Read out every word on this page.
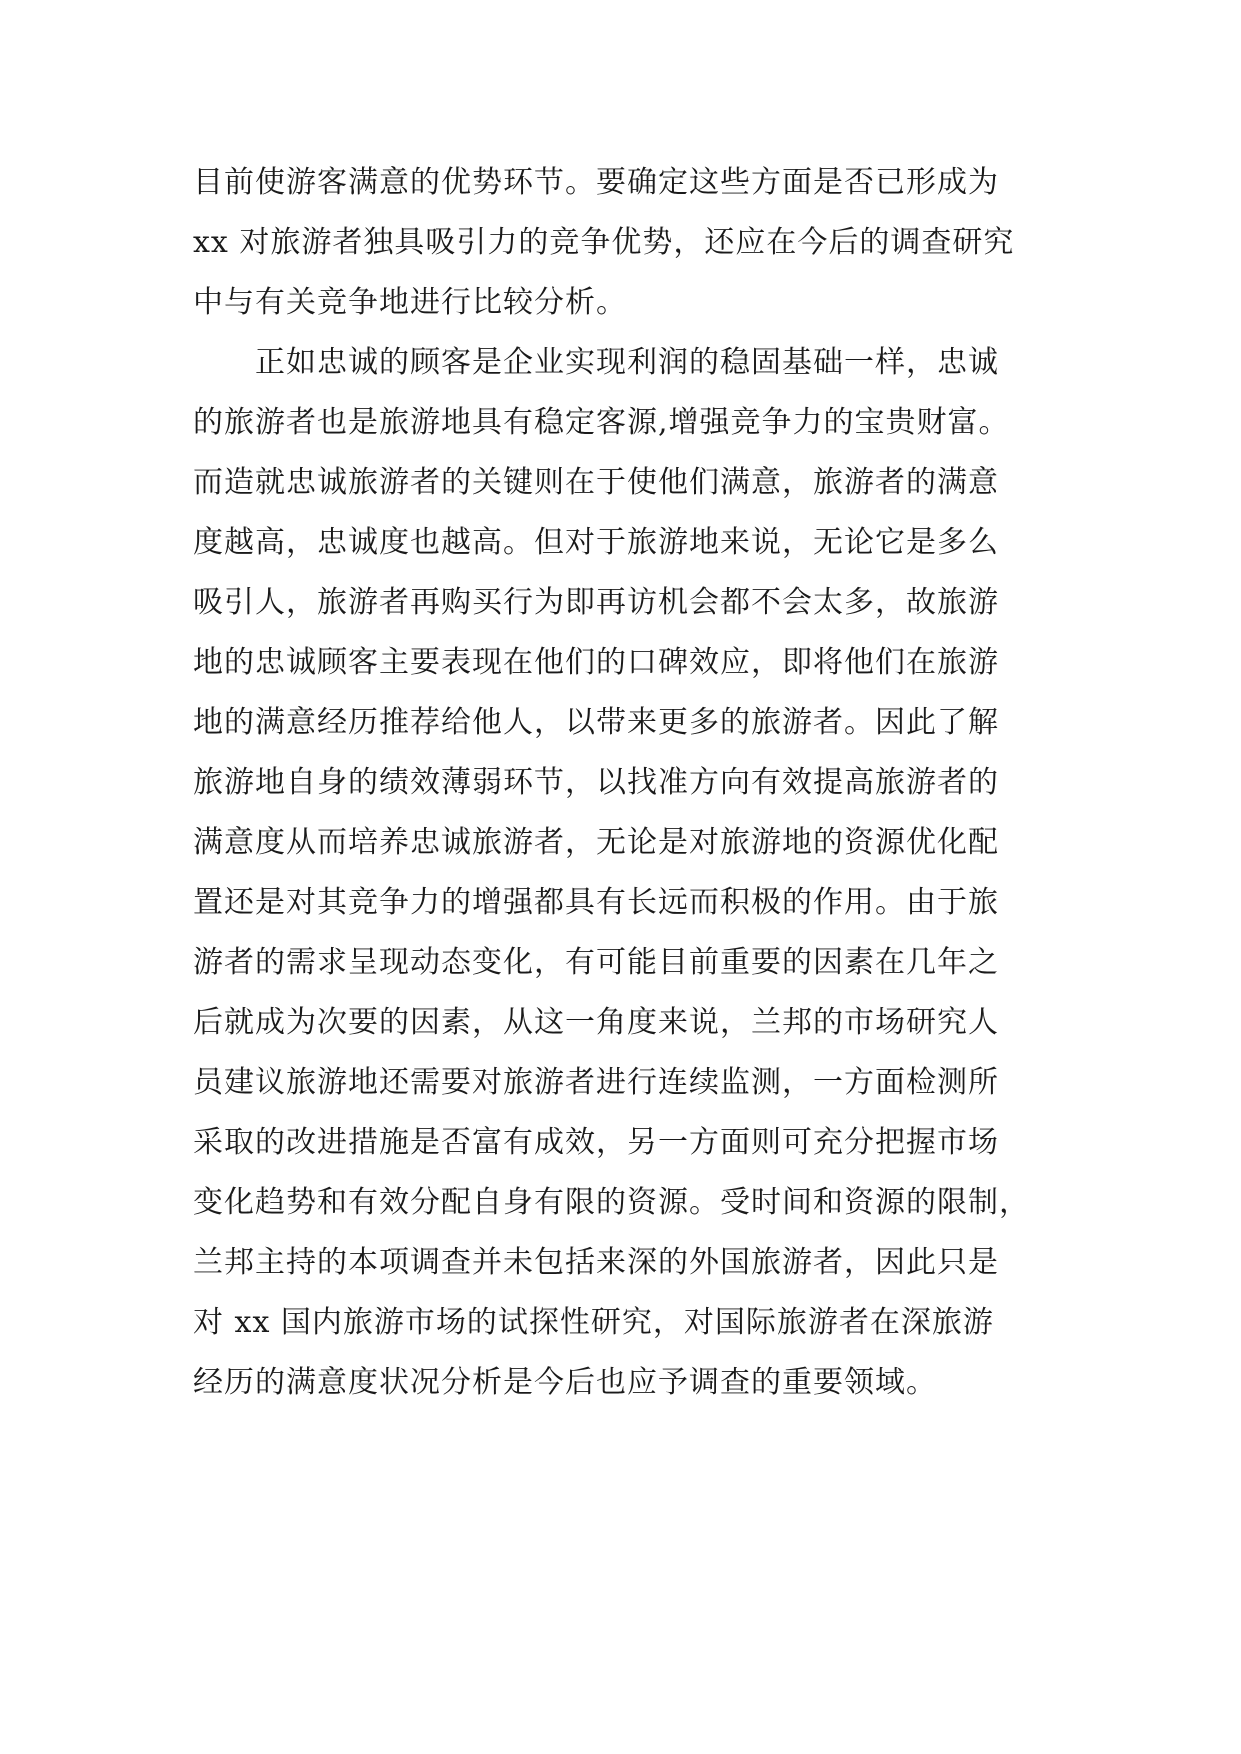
目前使游客满意的优势环节。要确定这些方面是否已形成为
xx 对旅游者独具吸引力的竞争优势，还应在今后的调查研究
中与有关竞争地进行比较分析。
正如忠诚的顾客是企业实现利润的稳固基础一样，忠诚
的旅游者也是旅游地具有稳定客源,增强竞争力的宝贵财富。
而造就忠诚旅游者的关键则在于使他们满意，旅游者的满意
度越高，忠诚度也越高。但对于旅游地来说，无论它是多么
吸引人，旅游者再购买行为即再访机会都不会太多，故旅游
地的忠诚顾客主要表现在他们的口碑效应，即将他们在旅游
地的满意经历推荐给他人，以带来更多的旅游者。因此了解
旅游地自身的绩效薄弱环节，以找准方向有效提高旅游者的
满意度从而培养忠诚旅游者，无论是对旅游地的资源优化配
置还是对其竞争力的增强都具有长远而积极的作用。由于旅
游者的需求呈现动态变化，有可能目前重要的因素在几年之
后就成为次要的因素，从这一角度来说，兰邦的市场研究人
员建议旅游地还需要对旅游者进行连续监测，一方面检测所
采取的改进措施是否富有成效，另一方面则可充分把握市场
变化趋势和有效分配自身有限的资源。受时间和资源的限制，
兰邦主持的本项调查并未包括来深的外国旅游者，因此只是
对 xx 国内旅游市场的试探性研究，对国际旅游者在深旅游
经历的满意度状况分析是今后也应予调查的重要领域。
